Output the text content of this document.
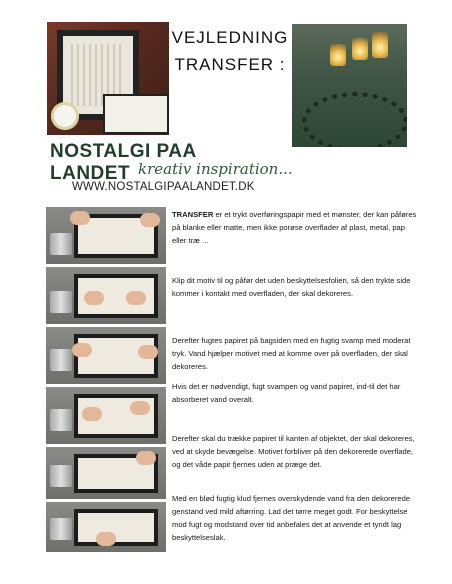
VEJLEDNING
TRANSFER :
NOSTALGI PAA LANDET kreativ inspiration...
WWW.NOSTALGIPAALANDET.DK

TRANSFER er et trykt overføringspapir med et mønster, der kan påføres på blanke eller matte, men ikke porøse overflader af plast, metal, pap eller træ ...

Klip dit motiv til og påfør det uden beskyttelsesfolien, så den trykte side kommer i kontakt med overfladen, der skal dekoreres.

Derefter fugtes papiret på bagsiden med en fugtig svamp med moderat tryk. Vand hjælper motivet med at komme over på overfladen, der skal dekoreres.

Hvis det er nødvendigt, fugt svampen og vand papiret, ind-til det har absorberet vand overalt.

Derefter skal du trække papiret til kanten af objektet, der skal dekoreres, ved at skyde bevægelse. Motivet forbliver på den dekorerede overflade, og det våde papir fjernes uden at præge det.

Med en blød fugtig klud fjernes overskydende vand fra den dekorerede genstand ved mild aftørring. Lad det tørre meget godt. For beskyttelse mod fugt og modstand over tid anbefales det at anvende et tyndt lag beskyttelseslak.
